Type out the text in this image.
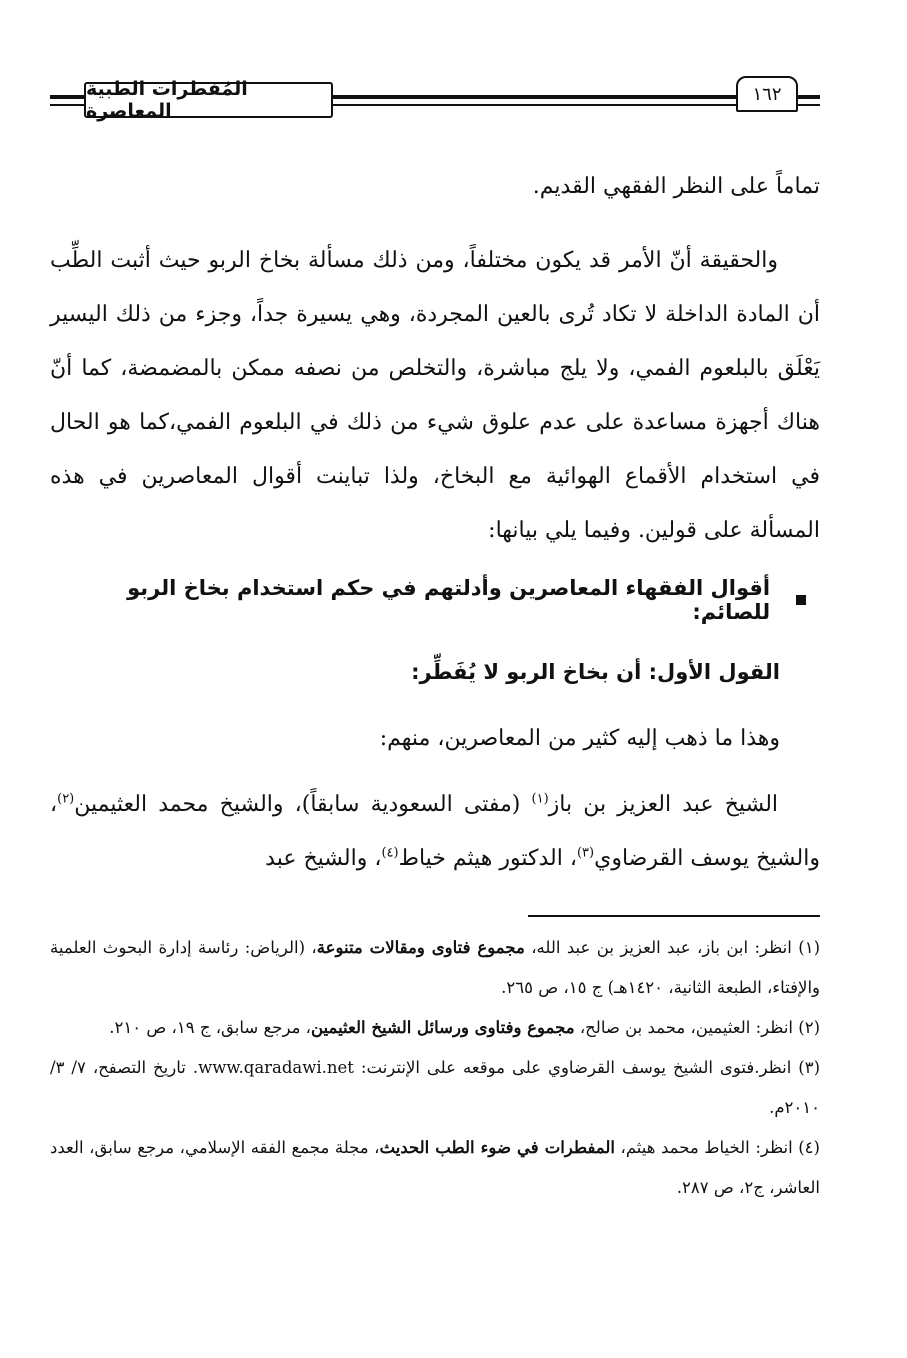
المُفطرات الطبية المعاصرة
١٦٢
تماماً على النظر الفقهي القديم.
والحقيقة أنّ الأمر قد يكون مختلفاً، ومن ذلك مسألة بخاخ الربو حيث أثبت الطِّب أن المادة الداخلة لا تكاد تُرى بالعين المجردة، وهي يسيرة جداً، وجزء من ذلك اليسير يَعْلَق بالبلعوم الفمي، ولا يلج مباشرة، والتخلص من نصفه ممكن بالمضمضة، كما أنّ هناك أجهزة مساعدة على عدم علوق شيء من ذلك في البلعوم الفمي،كما هو الحال في استخدام الأقماع الهوائية مع البخاخ، ولذا تباينت أقوال المعاصرين في هذه المسألة على قولين. وفيما يلي بيانها:
أقوال الفقهاء المعاصرين وأدلتهم في حكم استخدام بخاخ الربو للصائم:
القول الأول: أن بخاخ الربو لا يُفَطِّر:
وهذا ما ذهب إليه كثير من المعاصرين، منهم:
الشيخ عبد العزيز بن باز$^{(١)}$ (مفتى السعودية سابقاً)، والشيخ محمد العثيمين$^{(٢)}$، والشيخ يوسف القرضاوي$^{(٣)}$، الدكتور هيثم خياط$^{(٤)}$، والشيخ عبد

(١) انظر: ابن باز، عبد العزيز بن عبد الله، مجموع فتاوى ومقالات متنوعة، (الرياض: رئاسة إدارة البحوث العلمية والإفتاء، الطبعة الثانية، ١٤٢٠هـ) ج ١٥، ص ٢٦٥.

(٢) انظر: العثيمين، محمد بن صالح، مجموع وفتاوى ورسائل الشيخ العثيمين، مرجع سابق، ج ١٩، ص ٢١٠.

(٣) انظر.فتوى الشيخ يوسف القرضاوي على موقعه على الإنترنت: www.qaradawi.net. تاريخ التصفح، ٧/ ٣/ ٢٠١٠م.

(٤) انظر: الخياط محمد هيثم، المفطرات في ضوء الطب الحديث، مجلة مجمع الفقه الإسلامي، مرجع سابق، العدد العاشر، ج٢، ص ٢٨٧.
